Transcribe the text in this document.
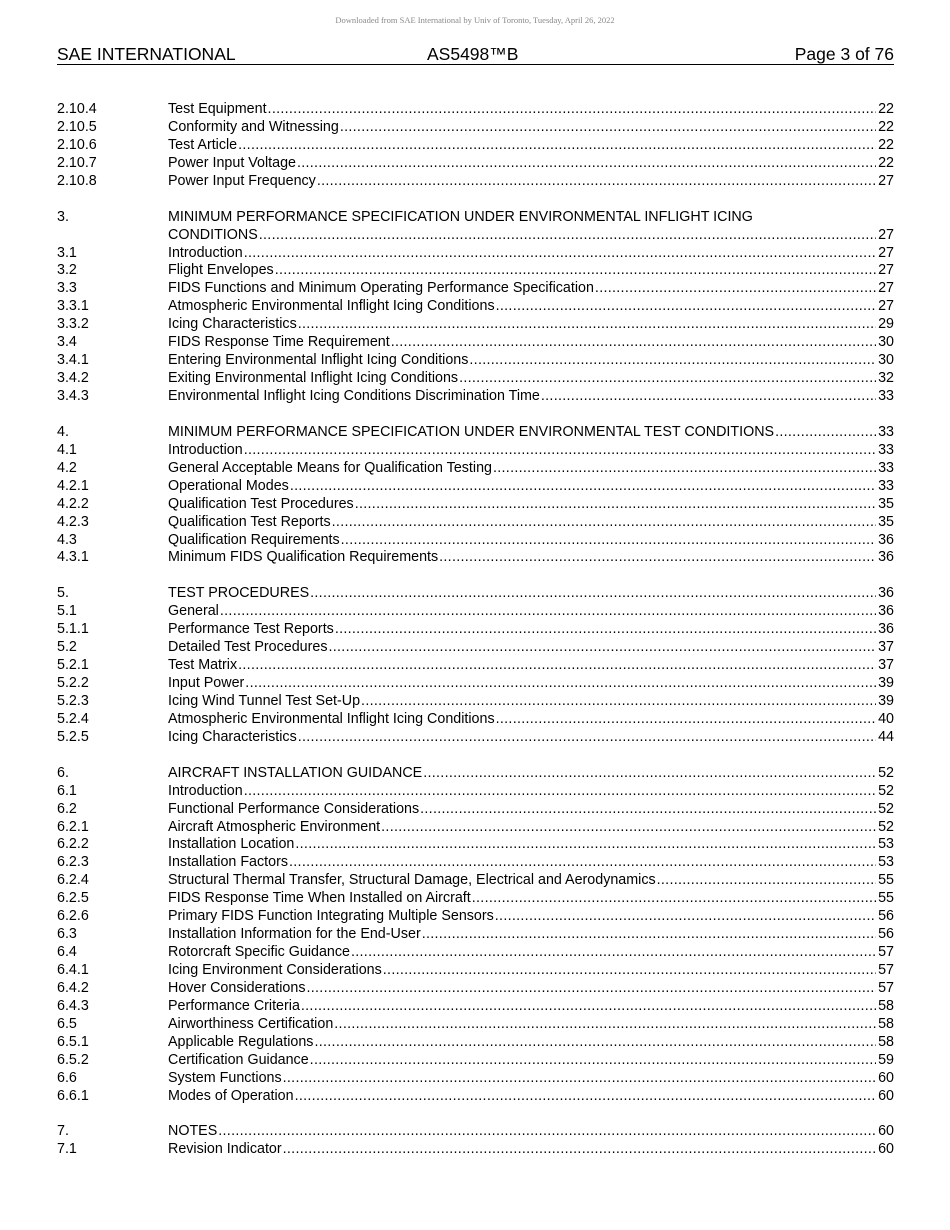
Downloaded from SAE International by Univ of Toronto, Tuesday, April 26, 2022
SAE INTERNATIONAL	AS5498™B	Page 3 of 76
2.10.4	Test Equipment .....	22
2.10.5	Conformity and Witnessing .....	22
2.10.6	Test Article .....	22
2.10.7	Power Input Voltage .....	22
2.10.8	Power Input Frequency .....	27
3.	MINIMUM PERFORMANCE SPECIFICATION UNDER ENVIRONMENTAL INFLIGHT ICING
CONDITIONS .....	27
3.1	Introduction .....	27
3.2	Flight Envelopes .....	27
3.3	FIDS Functions and Minimum Operating Performance Specification .....	27
3.3.1	Atmospheric Environmental Inflight Icing Conditions .....	27
3.3.2	Icing Characteristics .....	29
3.4	FIDS Response Time Requirement .....	30
3.4.1	Entering Environmental Inflight Icing Conditions .....	30
3.4.2	Exiting Environmental Inflight Icing Conditions .....	32
3.4.3	Environmental Inflight Icing Conditions Discrimination Time .....	33
4.	MINIMUM PERFORMANCE SPECIFICATION UNDER ENVIRONMENTAL TEST CONDITIONS .....	33
4.1	Introduction .....	33
4.2	General Acceptable Means for Qualification Testing .....	33
4.2.1	Operational Modes .....	33
4.2.2	Qualification Test Procedures .....	35
4.2.3	Qualification Test Reports .....	35
4.3	Qualification Requirements .....	36
4.3.1	Minimum FIDS Qualification Requirements .....	36
5.	TEST PROCEDURES .....	36
5.1	General .....	36
5.1.1	Performance Test Reports .....	36
5.2	Detailed Test Procedures .....	37
5.2.1	Test Matrix .....	37
5.2.2	Input Power .....	39
5.2.3	Icing Wind Tunnel Test Set-Up .....	39
5.2.4	Atmospheric Environmental Inflight Icing Conditions .....	40
5.2.5	Icing Characteristics .....	44
6.	AIRCRAFT INSTALLATION GUIDANCE .....	52
6.1	Introduction .....	52
6.2	Functional Performance Considerations .....	52
6.2.1	Aircraft Atmospheric Environment .....	52
6.2.2	Installation Location .....	53
6.2.3	Installation Factors .....	53
6.2.4	Structural Thermal Transfer, Structural Damage, Electrical and Aerodynamics .....	55
6.2.5	FIDS Response Time When Installed on Aircraft .....	55
6.2.6	Primary FIDS Function Integrating Multiple Sensors .....	56
6.3	Installation Information for the End-User .....	56
6.4	Rotorcraft Specific Guidance .....	57
6.4.1	Icing Environment Considerations .....	57
6.4.2	Hover Considerations .....	57
6.4.3	Performance Criteria .....	58
6.5	Airworthiness Certification .....	58
6.5.1	Applicable Regulations .....	58
6.5.2	Certification Guidance .....	59
6.6	System Functions .....	60
6.6.1	Modes of Operation .....	60
7.	NOTES .....	60
7.1	Revision Indicator .....	60
